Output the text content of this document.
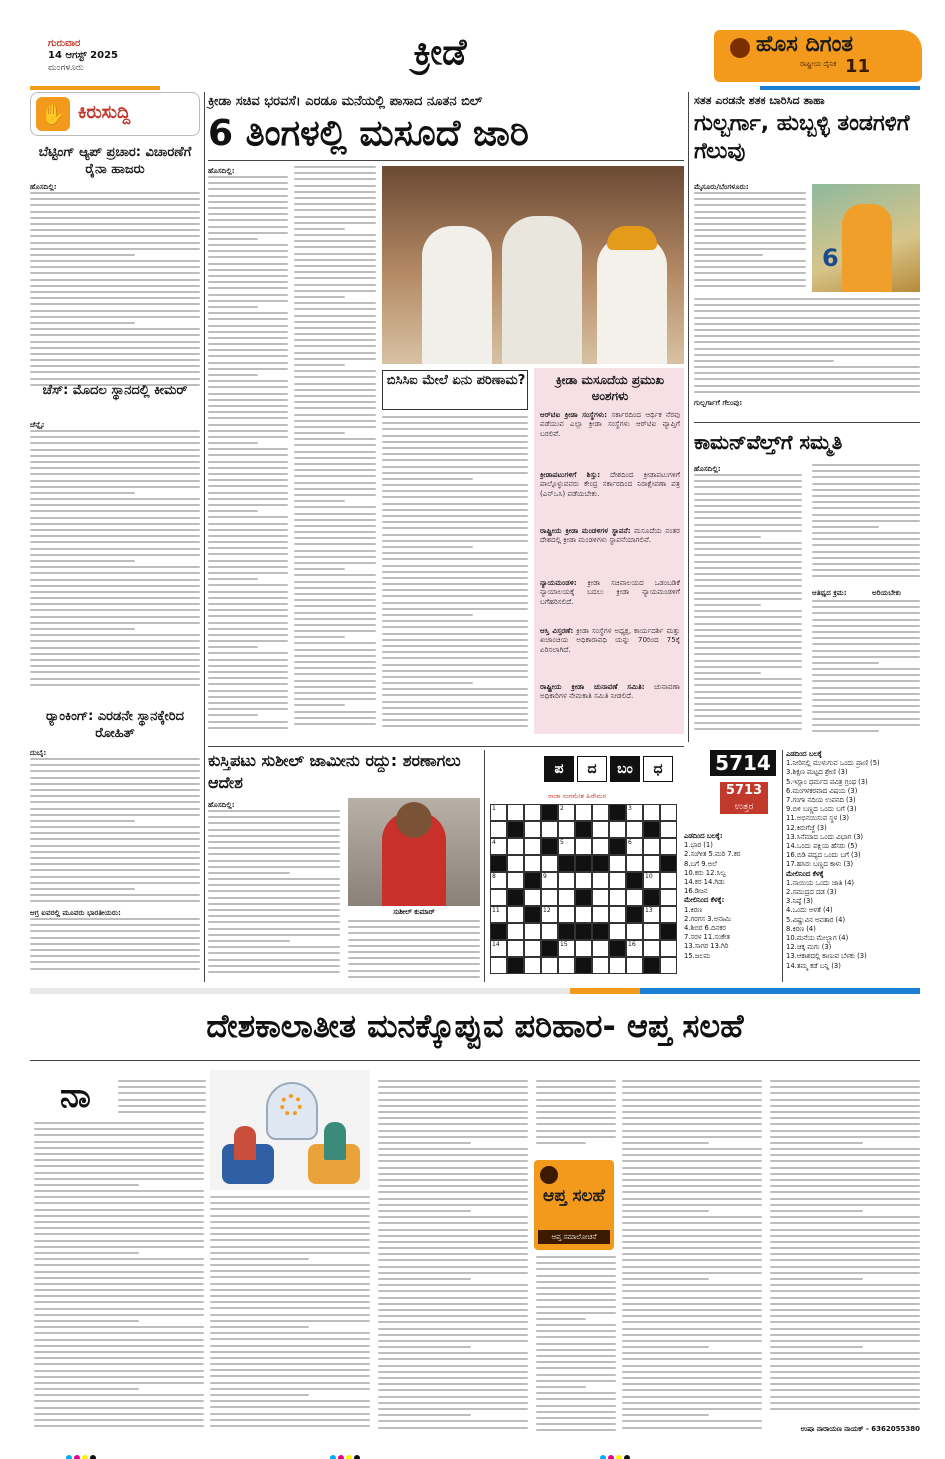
ಗುರುವಾರ
14 ಆಗಸ್ಟ್ 2025
ಮಂಗಳೂರು	ಕ್ರೀಡೆ	ಹೊಸ ದಿಗಂತ
ರಾಷ್ಟ್ರೀಯ ದೈನಿಕ 11
✋ ಕಿರುಸುದ್ದಿ
ಬೆಟ್ಟಿಂಗ್ ಆ್ಯಪ್ ಪ್ರಚಾರ: ವಿಚಾರಣೆಗೆ ರೈನಾ ಹಾಜರು
ಹೊಸದಿಲ್ಲಿ:
ಚೆಸ್: ಮೊದಲ ಸ್ಥಾನದಲ್ಲಿ ಕೀಮರ್
ಚೆನ್ನೈ:
ರ್‍ಯಾಂಕಿಂಗ್: ಎರಡನೇ ಸ್ಥಾನಕ್ಕೇರಿದ ರೋಹಿತ್
ದುಬೈ:
ಆಗ್ರ ಐವರಲ್ಲಿ ಮೂವರು ಭಾರತೀಯರು:
ಕ್ರೀಡಾ ಸಚಿವ ಭರವಸೆ। ಎರಡೂ ಮನೆಯಲ್ಲಿ ಪಾಸಾದ ನೂತನ ಬಿಲ್
6 ತಿಂಗಳಲ್ಲಿ ಮಸೂದೆ ಜಾರಿ
ಹೊಸದಿಲ್ಲಿ:
ಬಿಸಿಸಿಐ ಮೇಲೆ ಏನು ಪರಿಣಾಮ?	ಕ್ರೀಡಾ ಮಸೂದೆಯ ಪ್ರಮುಖ ಅಂಶಗಳು
ಆರ್‌ಟಿಐ ಕ್ರೀಡಾ ಸಂಸ್ಥೆಗಳು: ಸರ್ಕಾರದಿಂದ ಆರ್ಥಿಕ ನೆರವು ಪಡೆಯುವ ಎಲ್ಲಾ ಕ್ರೀಡಾ ಸಂಸ್ಥೆಗಳು ಆರ್‌ಟಿಐ ವ್ಯಾಪ್ತಿಗೆ ಬರಲಿವೆ.
ಕ್ರೀಡಾಪಟುಗಳಿಗೆ ಶಿಸ್ತು: ದೇಶದಿಂದ ಕ್ರೀಡಾಪಟುಗಳಿಗೆ ಪಾಲ್ಗೊಳ್ಳುವವರು ಕೇಂದ್ರ ಸರ್ಕಾರದಿಂದ ನಿರಾಕ್ಷೇಪಣಾ ಪತ್ರ (ಎನ್‌ಒಸಿ) ಪಡೆಯಬೇಕು.
ರಾಷ್ಟ್ರೀಯ ಕ್ರೀಡಾ ಮಂಡಳಿಗಳ ಸ್ಥಾಪನೆ: ಮಸೂದೆಯ ನಂತರ ದೇಶದಲ್ಲಿ ಕ್ರೀಡಾ ಮಂಡಳಿಗಳು ಸ್ಥಾಪನೆಯಾಗಲಿವೆ.
ನ್ಯಾಯಮಂಡಳಿ: ಕ್ರೀಡಾ ಸಚಿವಾಲಯದ ಒಡಂಬಡಿಕೆ ನ್ಯಾಯಾಲಯಕ್ಕೆ ಬದಲು ಕ್ರೀಡಾ ನ್ಯಾಯಮಂಡಳಿಗೆ ಬಗೆಹರಿಸಲಿದೆ.
ಆಸ್ತಿ ವಿಸ್ತರಣೆ: ಕ್ರೀಡಾ ಸಂಸ್ಥೆಗಳ ಅಧ್ಯಕ್ಷ, ಕಾರ್ಯದರ್ಶಿ ಮತ್ತು ಖಜಾಂಚಿಯ ಅಧಿಕಾರಾವಧಿ ಯನ್ನು 70ರಿಂದ 75ಕ್ಕೆ ಏರಿಸಲಾಗಿದೆ.
ರಾಷ್ಟ್ರೀಯ ಕ್ರೀಡಾ ಚುನಾವಣೆ ಸಮಿತಿ: ಚುನಾವಣಾ ಅಧಿಕಾರಿಗಳ ನೇಮಕಾತಿ ಸಮಿತಿ ನೀಡಲಿದೆ.
ಸತತ ಎರಡನೇ ಶತಕ ಬಾರಿಸಿದ ತಾಹಾ
ಗುಲ್ಬರ್ಗಾ, ಹುಬ್ಬಳ್ಳಿ ತಂಡಗಳಿಗೆ ಗೆಲುವು
ಮೈಸೂರು/ಬೆಂಗಳೂರು:
6
ಗುಲ್ಬರ್ಗಾಗೆ ಗೆಲುವು:
ಕಾಮನ್‌ವೆಲ್ತ್‌ಗೆ ಸಮ್ಮತಿ
ಹೊಸದಿಲ್ಲಿ:
ಆತಿಥ್ಯದ ಕ್ರಮ:	ಅರಿಯಬೇಕು
ಕುಸ್ತಿಪಟು ಸುಶೀಲ್ ಜಾಮೀನು ರದ್ದು: ಶರಣಾಗಲು ಆದೇಶ
ಹೊಸದಿಲ್ಲಿ:
ಸುಶೀಲ್ ಕುಮಾರ್
ಪ	ದ	ಬಂ	ಧ
ರಾಜಾ ಸಂಗಮೇಶ ಹಿರೇಮಠ
1	2	3
4	5	6
8	9	10
11	12	13
14	15	16
5714
5713
ಉತ್ತರ
ಎಡದಿಂದ ಬಲಕ್ಕೆ:
1.ಭಾರ (1)
2.ಸಂಗೀತ 5.ಮರಿ 7.ಕರ
8.ಬಗೆ 9.ಅಲೆ
10.ಕರು 12.ಸಿಲ್ವ
14.ಕರ 14.ಗಿಡು
16.ಡಿಜನ
ಮೇಲಿನಿಂದ ಕೆಳಕ್ಕೆ:
1.ಕಿರಣ
2.ಗರಗಸ 3.ಅನಾಮಿ
4.ಶಿಬಿರ 6.ದಿನಕರ
7.ಸರಳ 11.ಸಂಕೇತ
13.ಸಾಗರ 13.ಗಿರಿ
15.ಜಲಮ
ಎಡದಿಂದ ಬಲಕ್ಕೆ
1.ನೀರಿನಲ್ಲಿ ಮುಳುಗುವ ಒಂದು ಪ್ರಾಣಿ (5)
3.ಶಿಕ್ಷಣ ಮಟ್ಟದ ಶ್ರೇಣಿ (3)
5.ಇಸ್ಲಾಂ ಧರ್ಮದ ಪವಿತ್ರ ಗ್ರಂಥ (3)
6.ಮಂಗಳಕರವಾದ ವಿಷಯ (3)
7.ಗಂಗಾ ನದಿಯ ಉಪನದಿ (3)
9.ಬಿಳಿ ಬಣ್ಣದ ಒಂದು ಬಗೆ (3)
11.ಅಭಿನಯಿಸುವ ಸ್ಥಳ (3)
12.ಕಿರುಗೆಜ್ಜೆ (3)
13.ಸಿನೆಮಾದ ಒಂದು ವಿಭಾಗ (3)
14.ಒಂದು ಪಕ್ಷಿಯ ಹೆಸರು (5)
16.ಬಿಡಿ ಪದ್ಯದ ಒಂದು ಬಗೆ (3)
17.ಹಸಿರು ಬಣ್ಣದ ಕಾಳು (3)
ಮೇಲಿನಿಂದ ಕೆಳಕ್ಕೆ
1.ನಾಯಿಯ ಒಂದು ಜಾತಿ (4)
2.ಸಮುದ್ರದ ದಡ (3)
3.ನಿಷ್ಠೆ (3)
4.ಒಂದು ಅಳತೆ (4)
5.ವಿಷ್ಣುವಿನ ಅವತಾರ (4)
8.ಕಿರಣ (4)
10.ಮನೆಯ ಮೇಲ್ಭಾಗ (4)
12.ಚಿಕ್ಕ ಮಗು (3)
13.ಆಕಾಶದಲ್ಲಿ ಕಾಣುವ ಬೆಳಕು (3)
14.ತಮ್ಮ ಕಡೆ ಬನ್ನಿ (3)
ದೇಶಕಾಲಾತೀತ ಮನಕ್ಕೊಪ್ಪುವ ಪರಿಹಾರ- ಆಪ್ತ ಸಲಹೆ
ನಾ
ಆಪ್ತ ಸಲಹೆ
ಆಪ್ತ ಸಮಾಲೋಚನೆ
ಉಷಾ ನಾರಾಯಣ ನಾಯಕ್ - 6362055380
